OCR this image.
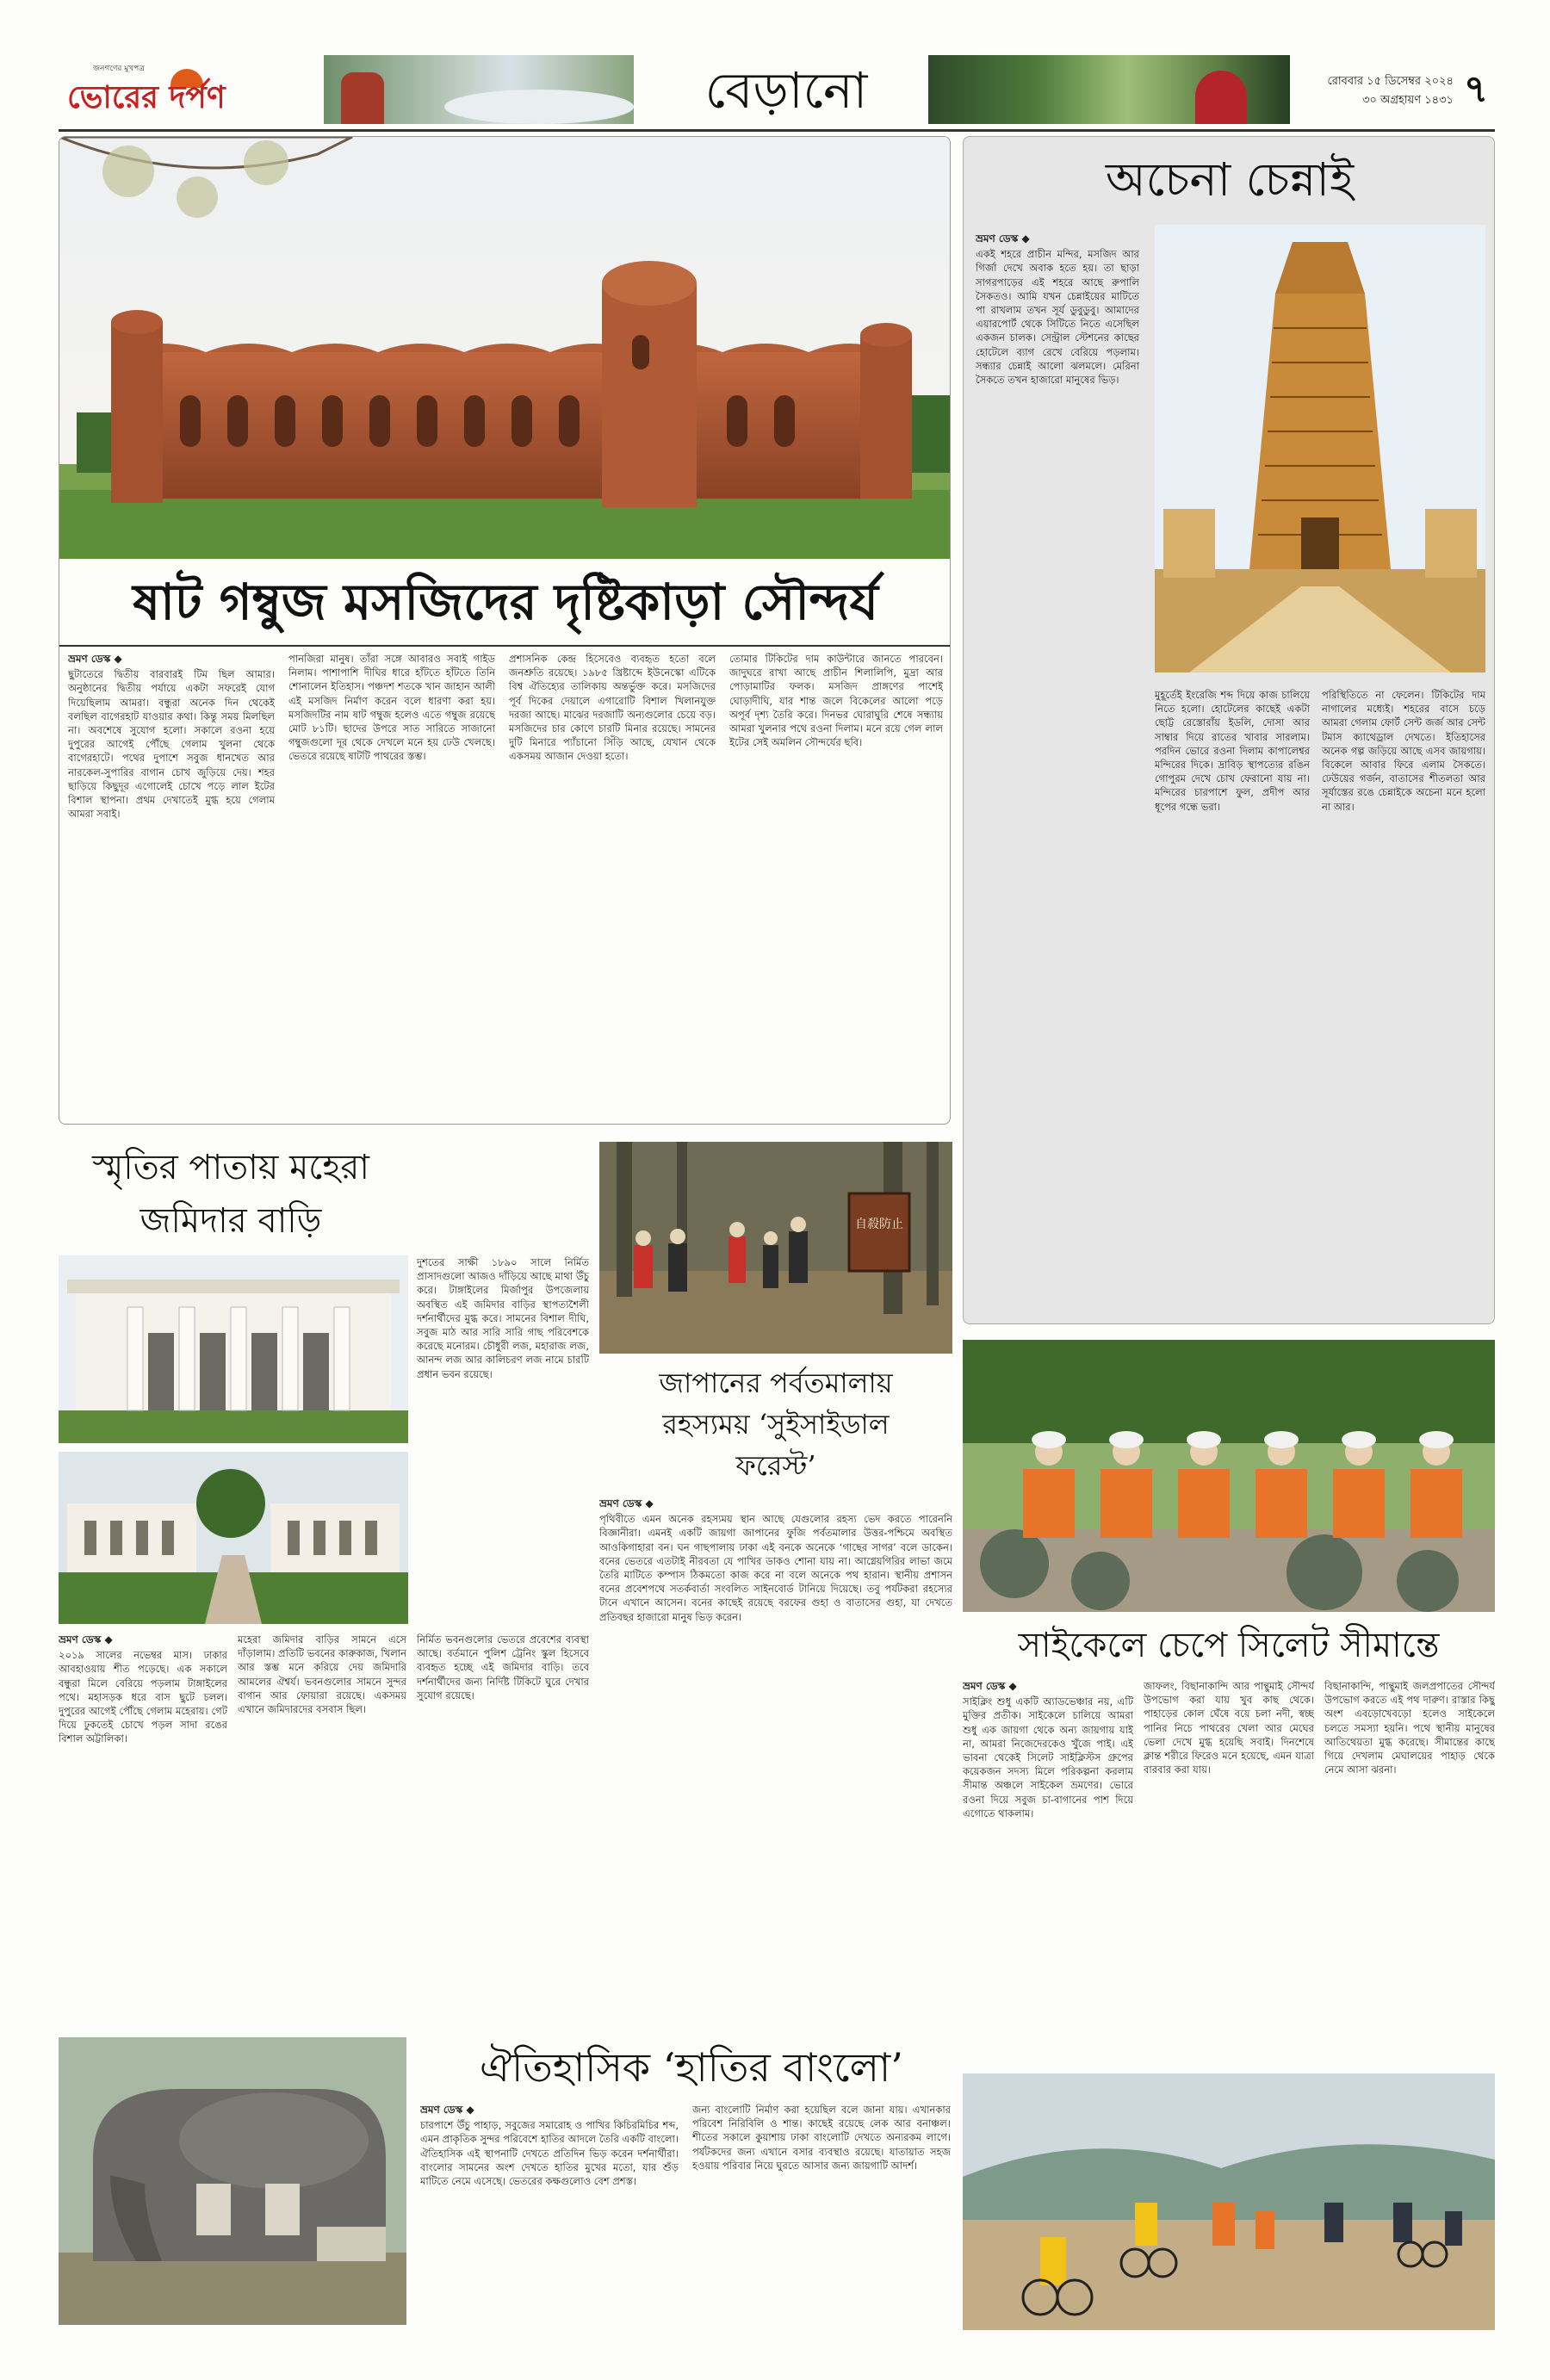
জনগণের মুখপত্র
ভোরের দর্পণ	বেড়ানো	রোববার ১৫ ডিসেম্বর ২০২৪
৩০ অগ্রহায়ণ ১৪৩১ ৭
ষাট গম্বুজ মসজিদের দৃষ্টিকাড়া সৌন্দর্য
ভ্রমণ ডেস্ক ◆
ছুটাতেরে দ্বিতীয় বারবারই টিম ছিল আমার। অনুষ্ঠানের দ্বিতীয় পর্যায়ে একটা সফরেই যোগ দিয়েছিলাম আমরা। বন্ধুরা অনেক দিন থেকেই বলছিল বাগেরহাট যাওয়ার কথা। কিন্তু সময় মিলছিল না। অবশেষে সুযোগ হলো। সকালে রওনা হয়ে দুপুরের আগেই পৌঁছে গেলাম খুলনা থেকে বাগেরহাটে। পথের দুপাশে সবুজ ধানখেত আর নারকেল-সুপারির বাগান চোখ জুড়িয়ে দেয়। শহর ছাড়িয়ে কিছুদূর এগোলেই চোখে পড়ে লাল ইটের বিশাল স্থাপনা। প্রথম দেখাতেই মুগ্ধ হয়ে গেলাম আমরা সবাই।
পানজিরা মানুষ। তাঁরা সঙ্গে আবারও সবাই গাইড নিলাম। পাশাপাশি দীঘির ধারে হাঁটতে হাঁটতে তিনি শোনালেন ইতিহাস। পঞ্চদশ শতকে খান জাহান আলী এই মসজিদ নির্মাণ করেন বলে ধারণা করা হয়। মসজিদটির নাম ষাট গম্বুজ হলেও এতে গম্বুজ রয়েছে মোট ৮১টি। ছাদের উপরে সাত সারিতে সাজানো গম্বুজগুলো দূর থেকে দেখলে মনে হয় ঢেউ খেলছে। ভেতরে রয়েছে ষাটটি পাথরের স্তম্ভ।
প্রশাসনিক কেন্দ্র হিসেবেও ব্যবহৃত হতো বলে জনশ্রুতি রয়েছে। ১৯৮৫ খ্রিষ্টাব্দে ইউনেস্কো এটিকে বিশ্ব ঐতিহ্যের তালিকায় অন্তর্ভুক্ত করে। মসজিদের পূর্ব দিকের দেয়ালে এগারোটি বিশাল খিলানযুক্ত দরজা আছে। মাঝের দরজাটি অন্যগুলোর চেয়ে বড়। মসজিদের চার কোণে চারটি মিনার রয়েছে। সামনের দুটি মিনারে প্যাঁচানো সিঁড়ি আছে, যেখান থেকে একসময় আজান দেওয়া হতো।
তোমার টিকিটের দাম কাউন্টারে জানতে পারবেন। জাদুঘরে রাখা আছে প্রাচীন শিলালিপি, মুদ্রা আর পোড়ামাটির ফলক। মসজিদ প্রাঙ্গণের পাশেই ঘোড়াদীঘি, যার শান্ত জলে বিকেলের আলো পড়ে অপূর্ব দৃশ্য তৈরি করে। দিনভর ঘোরাঘুরি শেষে সন্ধ্যায় আমরা খুলনার পথে রওনা দিলাম। মনে রয়ে গেল লাল ইটের সেই অমলিন সৌন্দর্যের ছবি।
অচেনা চেন্নাই
ভ্রমণ ডেস্ক ◆
একই শহরে প্রাচীন মন্দির, মসজিদ আর গির্জা দেখে অবাক হতে হয়। তা ছাড়া সাগরপাড়ের এই শহরে আছে রুপালি সৈকতও। আমি যখন চেন্নাইয়ের মাটিতে পা রাখলাম তখন সূর্য ডুবুডুবু। আমাদের এয়ারপোর্ট থেকে সিটিতে নিতে এসেছিল একজন চালক। সেন্ট্রাল স্টেশনের কাছের হোটেলে ব্যাগ রেখে বেরিয়ে পড়লাম। সন্ধ্যার চেন্নাই আলো ঝলমলে। মেরিনা সৈকতে তখন হাজারো মানুষের ভিড়।
মুহূর্তেই ইংরেজি শব্দ দিয়ে কাজ চালিয়ে নিতে হলো। হোটেলের কাছেই একটা ছোট্ট রেস্তোরাঁয় ইডলি, দোসা আর সাম্বার দিয়ে রাতের খাবার সারলাম। পরদিন ভোরে রওনা দিলাম কাপালেশ্বর মন্দিরের দিকে। দ্রাবিড় স্থাপত্যের রঙিন গোপুরম দেখে চোখ ফেরানো যায় না। মন্দিরের চারপাশে ফুল, প্রদীপ আর ধূপের গন্ধে ভরা।
পরিস্থিতিতে না ফেলেন। টিকিটের দাম নাগালের মধ্যেই। শহরের বাসে চড়ে আমরা গেলাম ফোর্ট সেন্ট জর্জ আর সেন্ট টমাস ক্যাথেড্রাল দেখতে। ইতিহাসের অনেক গল্প জড়িয়ে আছে এসব জায়গায়। বিকেলে আবার ফিরে এলাম সৈকতে। ঢেউয়ের গর্জন, বাতাসের শীতলতা আর সূর্যাস্তের রঙে চেন্নাইকে অচেনা মনে হলো না আর।
স্মৃতির পাতায় মহেরা
জমিদার বাড়ি
দুশতের সাক্ষী ১৮৯০ সালে নির্মিত প্রাসাদগুলো আজও দাঁড়িয়ে আছে মাথা উঁচু করে। টাঙ্গাইলের মির্জাপুর উপজেলায় অবস্থিত এই জমিদার বাড়ির স্থাপত্যশৈলী দর্শনার্থীদের মুগ্ধ করে। সামনের বিশাল দীঘি, সবুজ মাঠ আর সারি সারি গাছ পরিবেশকে করেছে মনোরম। চৌধুরী লজ, মহারাজ লজ, আনন্দ লজ আর কালিচরণ লজ নামে চারটি প্রধান ভবন রয়েছে।
ভ্রমণ ডেস্ক ◆
২০১৯ সালের নভেম্বর মাস। ঢাকার আবহাওয়ায় শীত পড়েছে। এক সকালে বন্ধুরা মিলে বেরিয়ে পড়লাম টাঙ্গাইলের পথে। মহাসড়ক ধরে বাস ছুটে চলল। দুপুরের আগেই পৌঁছে গেলাম মহেরায়। গেট দিয়ে ঢুকতেই চোখে পড়ল সাদা রঙের বিশাল অট্টালিকা।
মহেরা জমিদার বাড়ির সামনে এসে দাঁড়ালাম। প্রতিটি ভবনের কারুকাজ, খিলান আর স্তম্ভ মনে করিয়ে দেয় জমিদারি আমলের ঐশ্বর্য। ভবনগুলোর সামনে সুন্দর বাগান আর ফোয়ারা রয়েছে। একসময় এখানে জমিদারদের বসবাস ছিল।
নির্মিত ভবনগুলোর ভেতরে প্রবেশের ব্যবস্থা আছে। বর্তমানে পুলিশ ট্রেনিং স্কুল হিসেবে ব্যবহৃত হচ্ছে এই জমিদার বাড়ি। তবে দর্শনার্থীদের জন্য নির্দিষ্ট টিকিটে ঘুরে দেখার সুযোগ রয়েছে।
自殺防止
জাপানের পর্বতমালায়
রহস্যময় ‘সুইসাইডাল
ফরেস্ট’
ভ্রমণ ডেস্ক ◆
পৃথিবীতে এমন অনেক রহস্যময় স্থান আছে যেগুলোর রহস্য ভেদ করতে পারেননি বিজ্ঞানীরা। এমনই একটি জায়গা জাপানের ফুজি পর্বতমালার উত্তর-পশ্চিমে অবস্থিত আওকিগাহারা বন। ঘন গাছপালায় ঢাকা এই বনকে অনেকে ‘গাছের সাগর’ বলে ডাকেন। বনের ভেতরে এতটাই নীরবতা যে পাখির ডাকও শোনা যায় না। আগ্নেয়গিরির লাভা জমে তৈরি মাটিতে কম্পাস ঠিকমতো কাজ করে না বলে অনেকে পথ হারান। স্থানীয় প্রশাসন বনের প্রবেশপথে সতর্কবার্তা সংবলিত সাইনবোর্ড টানিয়ে দিয়েছে। তবু পর্যটকরা রহস্যের টানে এখানে আসেন। বনের কাছেই রয়েছে বরফের গুহা ও বাতাসের গুহা, যা দেখতে প্রতিবছর হাজারো মানুষ ভিড় করেন।
ঐতিহাসিক ‘হাতির বাংলো’
ভ্রমণ ডেস্ক ◆
চারপাশে উঁচু পাহাড়, সবুজের সমারোহ ও পাখির কিচিরমিচির শব্দ, এমন প্রাকৃতিক সুন্দর পরিবেশে হাতির আদলে তৈরি একটি বাংলো। ঐতিহাসিক এই স্থাপনাটি দেখতে প্রতিদিন ভিড় করেন দর্শনার্থীরা। বাংলোর সামনের অংশ দেখতে হাতির মুখের মতো, যার শুঁড় মাটিতে নেমে এসেছে। ভেতরের কক্ষগুলোও বেশ প্রশস্ত।
জন্য বাংলোটি নির্মাণ করা হয়েছিল বলে জানা যায়। এখানকার পরিবেশ নিরিবিলি ও শান্ত। কাছেই রয়েছে লেক আর বনাঞ্চল। শীতের সকালে কুয়াশায় ঢাকা বাংলোটি দেখতে অন্যরকম লাগে। পর্যটকদের জন্য এখানে বসার ব্যবস্থাও রয়েছে। যাতায়াত সহজ হওয়ায় পরিবার নিয়ে ঘুরতে আসার জন্য জায়গাটি আদর্শ।
সাইকেলে চেপে সিলেট সীমান্তে
ভ্রমণ ডেস্ক ◆
সাইক্লিং শুধু একটি অ্যাডভেঞ্চার নয়, এটি মুক্তির প্রতীক। সাইকেলে চালিয়ে আমরা শুধু এক জায়গা থেকে অন্য জায়গায় যাই না, আমরা নিজেদেরকেও খুঁজে পাই। এই ভাবনা থেকেই সিলেট সাইক্লিস্টস গ্রুপের কয়েকজন সদস্য মিলে পরিকল্পনা করলাম সীমান্ত অঞ্চলে সাইকেল ভ্রমণের। ভোরে রওনা দিয়ে সবুজ চা-বাগানের পাশ দিয়ে এগোতে থাকলাম।
জাফলং, বিছানাকান্দি আর পান্থুমাই সৌন্দর্য উপভোগ করা যায় খুব কাছ থেকে। পাহাড়ের কোল ঘেঁষে বয়ে চলা নদী, স্বচ্ছ পানির নিচে পাথরের খেলা আর মেঘের ভেলা দেখে মুগ্ধ হয়েছি সবাই। দিনশেষে ক্লান্ত শরীরে ফিরেও মনে হয়েছে, এমন যাত্রা বারবার করা যায়।
বিছানাকান্দি, পান্থুমাই জলপ্রপাতের সৌন্দর্য উপভোগ করতে এই পথ দারুণ। রাস্তার কিছু অংশ এবড়োখেবড়ো হলেও সাইকেলে চলতে সমস্যা হয়নি। পথে স্থানীয় মানুষের আতিথেয়তা মুগ্ধ করেছে। সীমান্তের কাছে গিয়ে দেখলাম মেঘালয়ের পাহাড় থেকে নেমে আসা ঝরনা।
